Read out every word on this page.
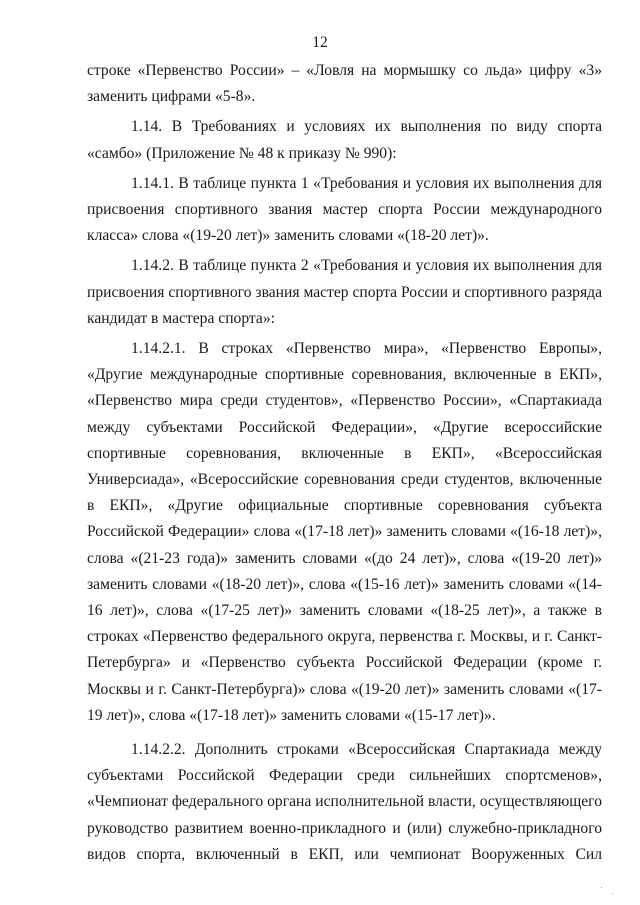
12

строке «Первенство России» – «Ловля на мормышку со льда» цифру «3» заменить цифрами «5-8».

1.14. В Требованиях и условиях их выполнения по виду спорта «самбо» (Приложение № 48 к приказу № 990):

1.14.1. В таблице пункта 1 «Требования и условия их выполнения для присвоения спортивного звания мастер спорта России международного класса» слова «(19-20 лет)» заменить словами «(18-20 лет)».

1.14.2. В таблице пункта 2 «Требования и условия их выполнения для присвоения спортивного звания мастер спорта России и спортивного разряда кандидат в мастера спорта»:

1.14.2.1. В строках «Первенство мира», «Первенство Европы», «Другие международные спортивные соревнования, включенные в ЕКП», «Первенство мира среди студентов», «Первенство России», «Спартакиада между субъектами Российской Федерации», «Другие всероссийские спортивные соревнования, включенные в ЕКП», «Всероссийская Универсиада», «Всероссийские соревнования среди студентов, включенные в ЕКП», «Другие официальные спортивные соревнования субъекта Российской Федерации» слова «(17-18 лет)» заменить словами «(16-18 лет)», слова «(21-23 года)» заменить словами «(до 24 лет)», слова «(19-20 лет)» заменить словами «(18-20 лет)», слова «(15-16 лет)» заменить словами «(14-16 лет)», слова «(17-25 лет)» заменить словами «(18-25 лет)», а также в строках «Первенство федерального округа, первенства г. Москвы, и г. Санкт-Петербурга» и «Первенство субъекта Российской Федерации (кроме г. Москвы и г. Санкт-Петербурга)» слова «(19-20 лет)» заменить словами «(17-19 лет)», слова «(17-18 лет)» заменить словами «(15-17 лет)».

1.14.2.2. Дополнить строками «Всероссийская Спартакиада между субъектами Российской Федерации среди сильнейших спортсменов», «Чемпионат федерального органа исполнительной власти, осуществляющего руководство развитием военно-прикладного и (или) служебно-прикладного видов спорта, включенный в ЕКП, или чемпионат Вооруженных Сил
